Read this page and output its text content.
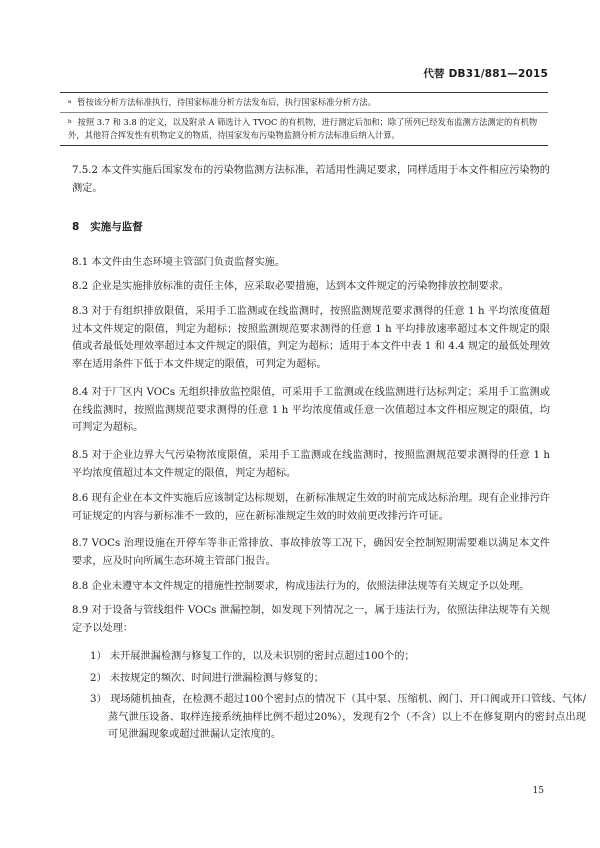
代替 DB31/881—2015
$^a$ 暂按该分析方法标准执行，待国家标准分析方法发布后，执行国家标准分析方法。
$^b$ 按照 3.7 和 3.8 的定义，以及附录 A 筛选计入 TVOC 的有机物，进行测定后加和；除了所列已经发布监测方法测定的有机物外，其他符合挥发性有机物定义的物质，待国家发布污染物监测分析方法标准后纳入计算。
7.5.2 本文件实施后国家发布的污染物监测方法标准，若适用性满足要求，同样适用于本文件相应污染物的测定。
8 实施与监督
8.1 本文件由生态环境主管部门负责监督实施。
8.2 企业是实施排放标准的责任主体，应采取必要措施，达到本文件规定的污染物排放控制要求。
8.3 对于有组织排放限值，采用手工监测或在线监测时，按照监测规范要求测得的任意 1 h 平均浓度值超过本文件规定的限值，判定为超标；按照监测规范要求测得的任意 1 h 平均排放速率超过本文件规定的限值或者最低处理效率超过本文件规定的限值，判定为超标；适用于本文件中表 1 和 4.4 规定的最低处理效率在适用条件下低于本文件规定的限值，可判定为超标。
8.4 对于厂区内 VOCs 无组织排放监控限值，可采用手工监测或在线监测进行达标判定；采用手工监测或在线监测时，按照监测规范要求测得的任意 1 h 平均浓度值或任意一次值超过本文件相应规定的限值，均可判定为超标。
8.5 对于企业边界大气污染物浓度限值，采用手工监测或在线监测时，按照监测规范要求测得的任意 1 h 平均浓度值超过本文件规定的限值，判定为超标。
8.6 现有企业在本文件实施后应该制定达标规划，在新标准规定生效的时前完成达标治理。现有企业排污许可证规定的内容与新标准不一致的，应在新标准规定生效的时效前更改排污许可证。
8.7 VOCs 治理设施在开停车等非正常排放、事故排放等工况下，确因安全控制短期需要难以满足本文件要求，应及时向所属生态环境主管部门报告。
8.8 企业未遵守本文件规定的措施性控制要求，构成违法行为的，依照法律法规等有关规定予以处理。
8.9 对于设备与管线组件 VOCs 泄漏控制，如发现下列情况之一，属于违法行为，依照法律法规等有关规定予以处理：
1） 未开展泄漏检测与修复工作的，以及未识别的密封点超过100个的；
2） 未按规定的频次、时间进行泄漏检测与修复的；
3） 现场随机抽查，在检测不超过100个密封点的情况下（其中泵、压缩机、阀门、开口阀或开口管线、气体/蒸气泄压设备、取样连接系统抽样比例不超过20%），发现有2个（不含）以上不在修复期内的密封点出现可见泄漏现象或超过泄漏认定浓度的。
15
